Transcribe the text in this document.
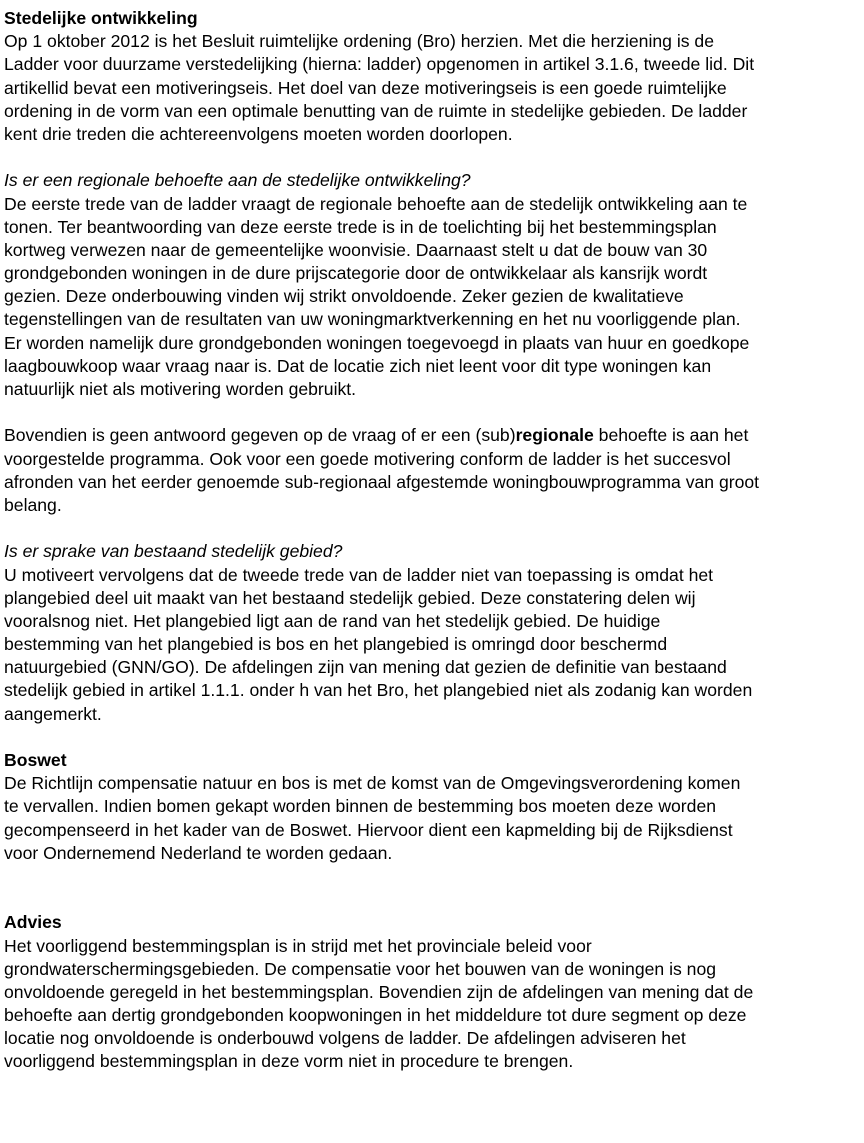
Stedelijke ontwikkeling
Op 1 oktober 2012 is het Besluit ruimtelijke ordening (Bro) herzien. Met die herziening is de
Ladder voor duurzame verstedelijking (hierna: ladder) opgenomen in artikel 3.1.6, tweede lid. Dit
artikellid bevat een motiveringseis. Het doel van deze motiveringseis is een goede ruimtelijke
ordening in de vorm van een optimale benutting van de ruimte in stedelijke gebieden. De ladder
kent drie treden die achtereenvolgens moeten worden doorlopen.
Is er een regionale behoefte aan de stedelijke ontwikkeling?
De eerste trede van de ladder vraagt de regionale behoefte aan de stedelijk ontwikkeling aan te
tonen. Ter beantwoording van deze eerste trede is in de toelichting bij het bestemmingsplan
kortweg verwezen naar de gemeentelijke woonvisie. Daarnaast stelt u dat de bouw van 30
grondgebonden woningen in de dure prijscategorie door de ontwikkelaar als kansrijk wordt
gezien. Deze onderbouwing vinden wij strikt onvoldoende. Zeker gezien de kwalitatieve
tegenstellingen van de resultaten van uw woningmarktverkenning en het nu voorliggende plan.
Er worden namelijk dure grondgebonden woningen toegevoegd in plaats van huur en goedkope
laagbouwkoop waar vraag naar is. Dat de locatie zich niet leent voor dit type woningen kan
natuurlijk niet als motivering worden gebruikt.
Bovendien is geen antwoord gegeven op de vraag of er een (sub)regionale behoefte is aan het
voorgestelde programma. Ook voor een goede motivering conform de ladder is het succesvol
afronden van het eerder genoemde sub-regionaal afgestemde woningbouwprogramma van groot
belang.
Is er sprake van bestaand stedelijk gebied?
U motiveert vervolgens dat de tweede trede van de ladder niet van toepassing is omdat het
plangebied deel uit maakt van het bestaand stedelijk gebied. Deze constatering delen wij
vooralsnog niet. Het plangebied ligt aan de rand van het stedelijk gebied. De huidige
bestemming van het plangebied is bos en het plangebied is omringd door beschermd
natuurgebied (GNN/GO). De afdelingen zijn van mening dat gezien de definitie van bestaand
stedelijk gebied in artikel 1.1.1. onder h van het Bro, het plangebied niet als zodanig kan worden
aangemerkt.
Boswet
De Richtlijn compensatie natuur en bos is met de komst van de Omgevingsverordening komen
te vervallen. Indien bomen gekapt worden binnen de bestemming bos moeten deze worden
gecompenseerd in het kader van de Boswet. Hiervoor dient een kapmelding bij de Rijksdienst
voor Ondernemend Nederland te worden gedaan.
Advies
Het voorliggend bestemmingsplan is in strijd met het provinciale beleid voor
grondwaterschermingsgebieden. De compensatie voor het bouwen van de woningen is nog
onvoldoende geregeld in het bestemmingsplan. Bovendien zijn de afdelingen van mening dat de
behoefte aan dertig grondgebonden koopwoningen in het middeldure tot dure segment op deze
locatie nog onvoldoende is onderbouwd volgens de ladder. De afdelingen adviseren het
voorliggend bestemmingsplan in deze vorm niet in procedure te brengen.
